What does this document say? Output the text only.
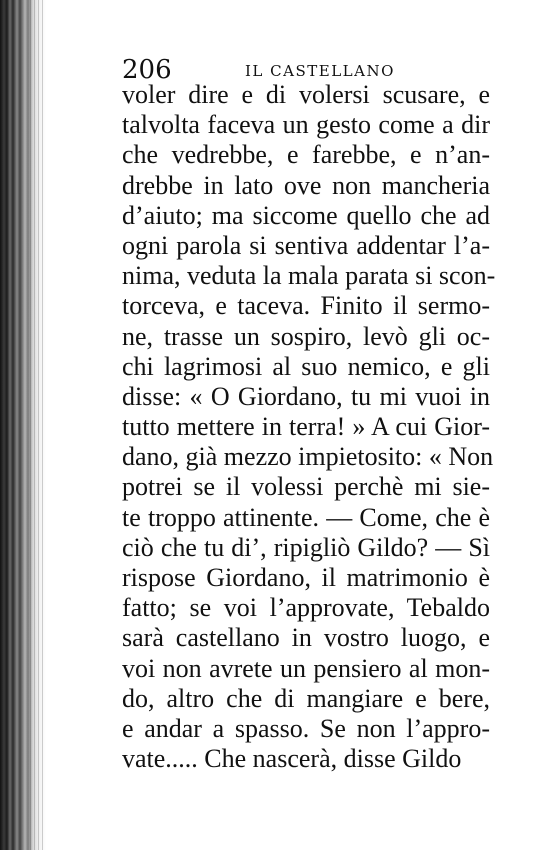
206	IL CASTELLANO
voler dire e di volersi scusare, e
talvolta faceva un gesto come a dir
che vedrebbe, e farebbe, e n’an-
drebbe in lato ove non mancheria
d’aiuto; ma siccome quello che ad
ogni parola si sentiva addentar l’a-
nima, veduta la mala parata si scon-
torceva, e taceva. Finito il sermo-
ne, trasse un sospiro, levò gli oc-
chi lagrimosi al suo nemico, e gli
disse: « O Giordano, tu mi vuoi in
tutto mettere in terra! » A cui Gior-
dano, già mezzo impietosito: « Non
potrei se il volessi perchè mi sie-
te troppo attinente. — Come, che è
ciò che tu di’, ripigliò Gildo? — Sì
rispose Giordano, il matrimonio è
fatto; se voi l’approvate, Tebaldo
sarà castellano in vostro luogo, e
voi non avrete un pensiero al mon-
do, altro che di mangiare e bere,
e andar a spasso. Se non l’appro-
vate..... Che nascerà, disse Gildo
